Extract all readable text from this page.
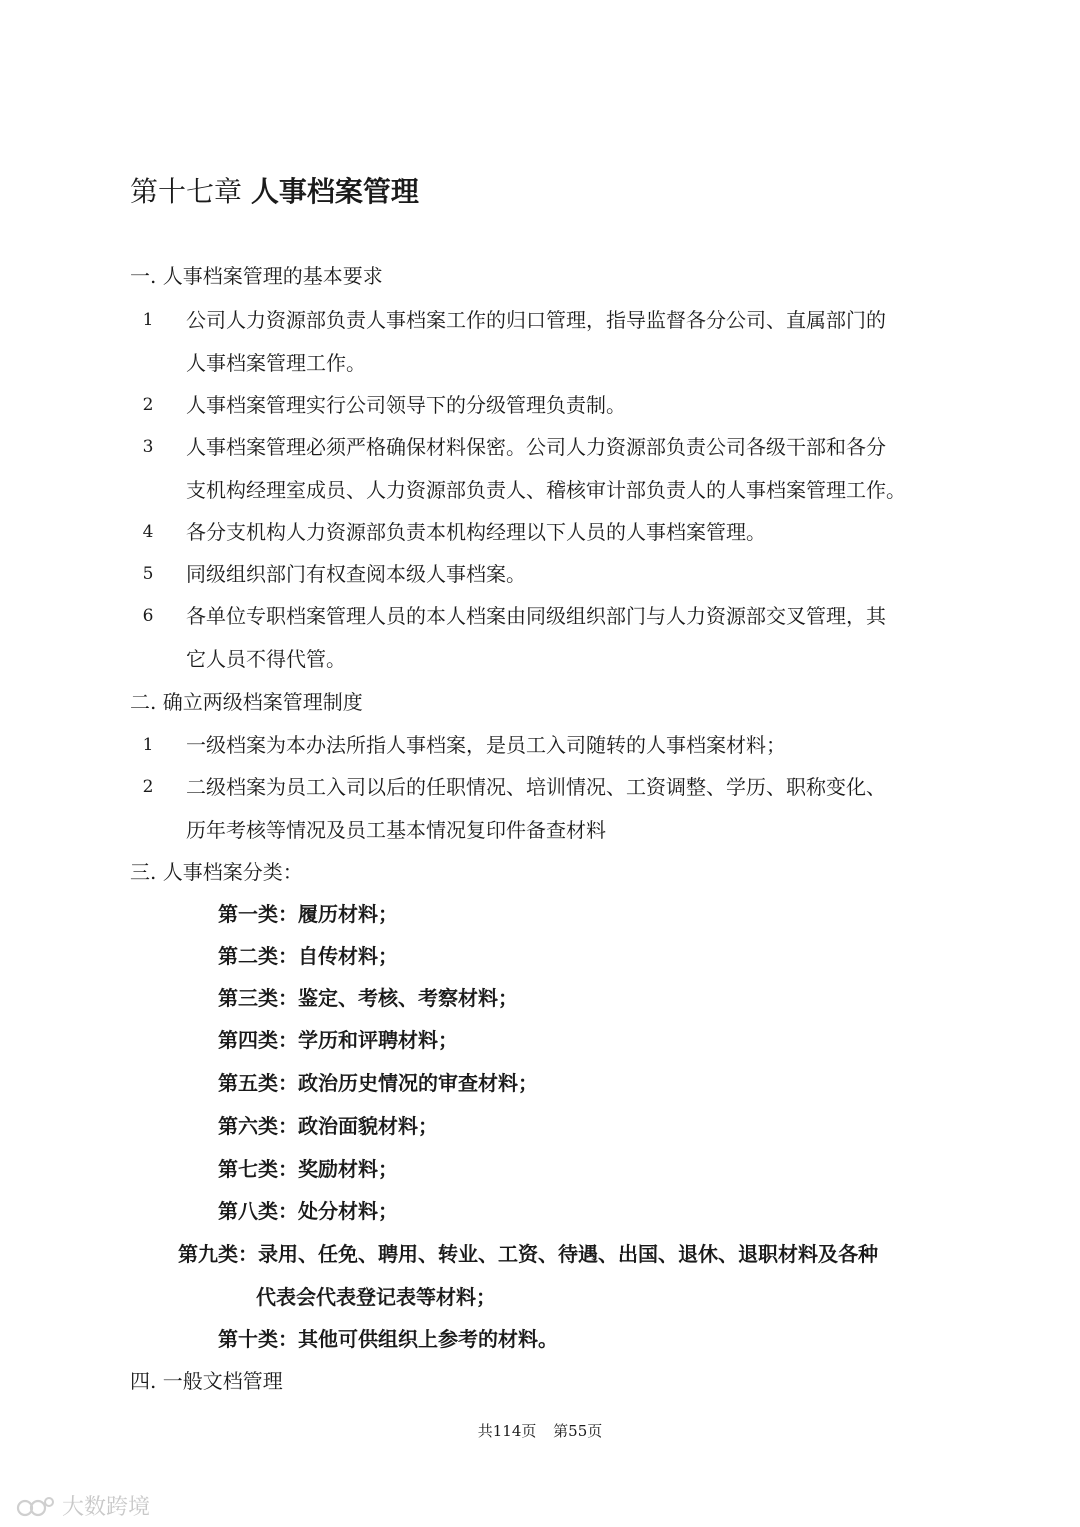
第十七章 人事档案管理
一. 人事档案管理的基本要求
1 公司人力资源部负责人事档案工作的归口管理，指导监督各分公司、直属部门的
人事档案管理工作。
2 人事档案管理实行公司领导下的分级管理负责制。
3 人事档案管理必须严格确保材料保密。公司人力资源部负责公司各级干部和各分
支机构经理室成员、人力资源部负责人、稽核审计部负责人的人事档案管理工作。
4 各分支机构人力资源部负责本机构经理以下人员的人事档案管理。
5 同级组织部门有权查阅本级人事档案。
6 各单位专职档案管理人员的本人档案由同级组织部门与人力资源部交叉管理，其
它人员不得代管。
二. 确立两级档案管理制度
1 一级档案为本办法所指人事档案，是员工入司随转的人事档案材料；
2 二级档案为员工入司以后的任职情况、培训情况、工资调整、学历、职称变化、
历年考核等情况及员工基本情况复印件备查材料
三. 人事档案分类：
第一类：履历材料；
第二类：自传材料；
第三类：鉴定、考核、考察材料；
第四类：学历和评聘材料；
第五类：政治历史情况的审查材料；
第六类：政治面貌材料；
第七类：奖励材料；
第八类：处分材料；
第九类：录用、任免、聘用、转业、工资、待遇、出国、退休、退职材料及各种
代表会代表登记表等材料；
第十类：其他可供组织上参考的材料。
四. 一般文档管理
共114页 第55页
大数跨境
